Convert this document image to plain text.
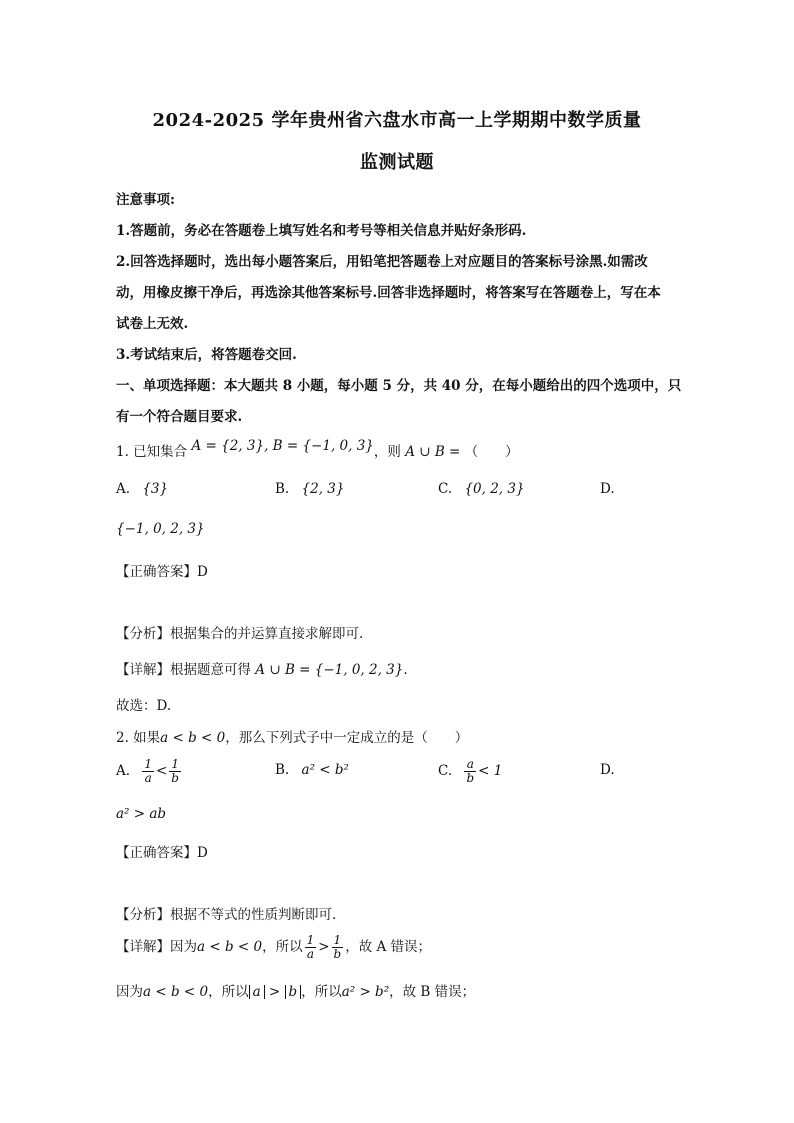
2024-2025 学年贵州省六盘水市高一上学期期中数学质量
监测试题
注意事项:
1.答题前，务必在答题卷上填写姓名和考号等相关信息并贴好条形码.
2.回答选择题时，选出每小题答案后，用铅笔把答题卷上对应题目的答案标号涂黑.如需改
动，用橡皮擦干净后，再选涂其他答案标号.回答非选择题时，将答案写在答题卷上，写在本
试卷上无效.
3.考试结束后，将答题卷交回.
一、单项选择题：本大题共 8 小题，每小题 5 分，共 40 分，在每小题给出的四个选项中，只
有一个符合题目要求.
1. 已知集合 A = {2, 3}, B = {−1, 0, 3}，则 A ∪ B = （　　）
A. {3}	B. {2, 3}	C. {0, 2, 3}	D.
{−1, 0, 2, 3}
【正确答案】D
【分析】根据集合的并运算直接求解即可.
【详解】根据题意可得 A ∪ B = {−1, 0, 2, 3}.
故选：D.
2. 如果a < b < 0，那么下列式子中一定成立的是（　　）
A. $\frac{1}{a} < \frac{1}{b}$	B. a² < b²	C. $\frac{a}{b} < 1$	D.
a² > ab
【正确答案】D
【分析】根据不等式的性质判断即可.
【详解】因为a < b < 0，所以 $\frac{1}{a} > \frac{1}{b}$ ，故 A 错误；
因为a < b < 0，所以 a > b ，所以a² > b²，故 B 错误；
